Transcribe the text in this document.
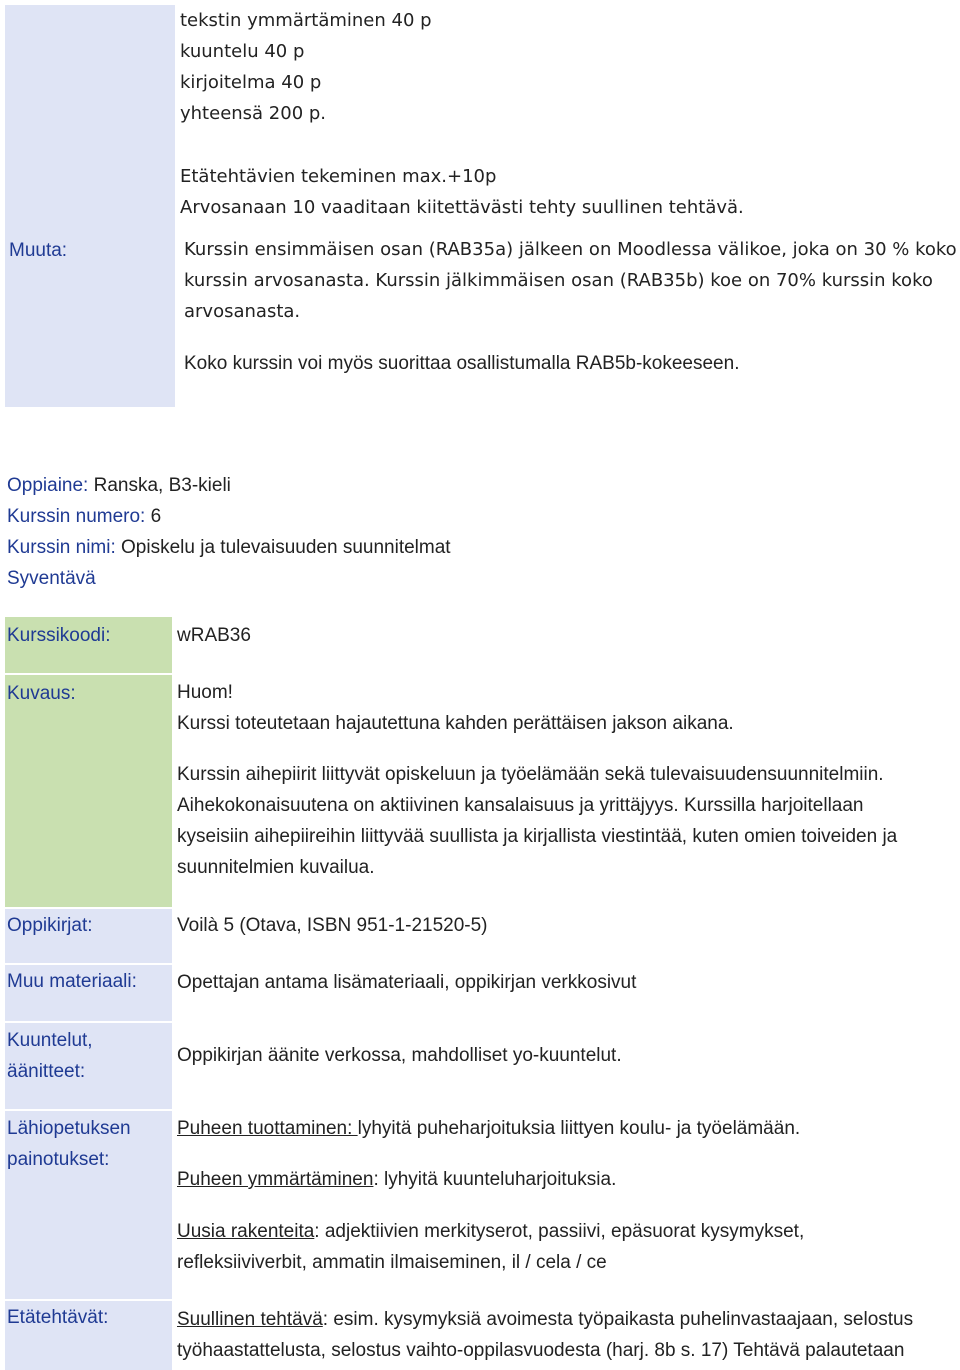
Muuta:
tekstin ymmärtäminen 40 p
kuuntelu 40 p
kirjoitelma 40 p
yhteensä 200 p.
Etätehtävien tekeminen max.+10p
Arvosanaan 10 vaaditaan kiitettävästi tehty suullinen tehtävä.
Kurssin ensimmäisen osan (RAB35a) jälkeen on Moodlessa välikoe, joka on 30 % koko
kurssin arvosanasta. Kurssin jälkimmäisen osan (RAB35b) koe on 70% kurssin koko
arvosanasta.
Koko kurssin voi myös suorittaa osallistumalla RAB5b-kokeeseen.
Oppiaine: Ranska, B3-kieli
Kurssin numero: 6
Kurssin nimi: Opiskelu ja tulevaisuuden suunnitelmat
Syventävä
Kurssikoodi:
Kuvaus:
Oppikirjat:
Muu materiaali:
Kuuntelut,
äänitteet:
Lähiopetuksen
painotukset:
Etätehtävät:
wRAB36
Huom!
Kurssi toteutetaan hajautettuna kahden perättäisen jakson aikana.
Kurssin aihepiirit liittyvät opiskeluun ja työelämään sekä tulevaisuudensuunnitelmiin.
Aihekokonaisuutena on aktiivinen kansalaisuus ja yrittäjyys. Kurssilla harjoitellaan
kyseisiin aihepiireihin liittyvää suullista ja kirjallista viestintää, kuten omien toiveiden ja
suunnitelmien kuvailua.
Voilà 5 (Otava, ISBN 951-1-21520-5)
Opettajan antama lisämateriaali, oppikirjan verkkosivut
Oppikirjan äänite verkossa, mahdolliset yo-kuuntelut.
Puheen tuottaminen: lyhyitä puheharjoituksia liittyen koulu- ja työelämään.
Puheen ymmärtäminen: lyhyitä kuunteluharjoituksia.
Uusia rakenteita: adjektiivien merkityserot, passiivi, epäsuorat kysymykset,
refleksiiviverbit, ammatin ilmaiseminen, il / cela / ce
Suullinen tehtävä: esim. kysymyksiä avoimesta työpaikasta puhelinvastaajaan, selostus
työhaastattelusta, selostus vaihto-oppilasvuodesta (harj. 8b s. 17) Tehtävä palautetaan
